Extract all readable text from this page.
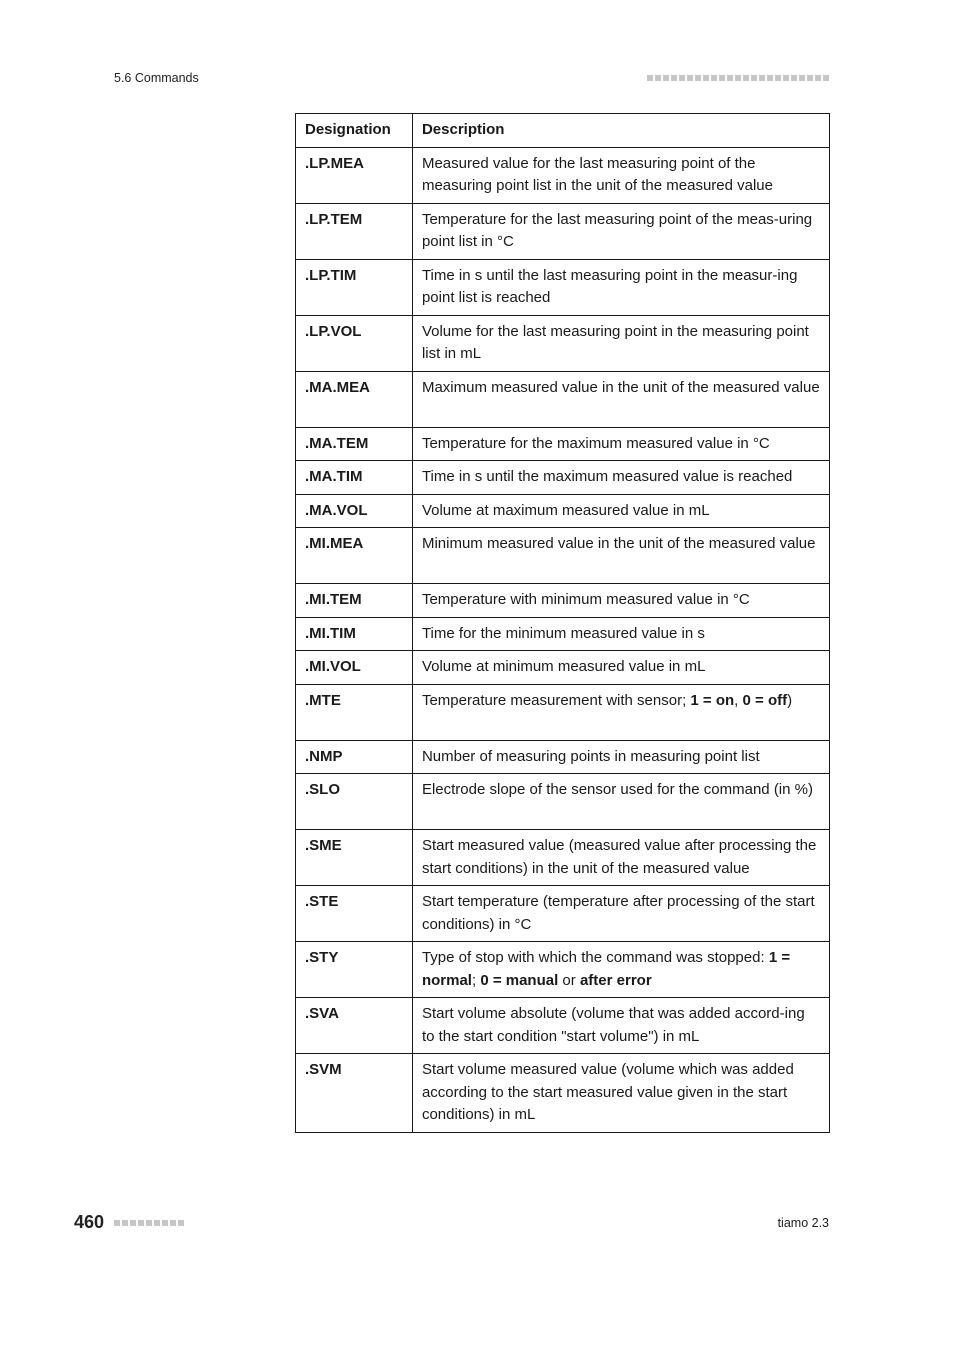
5.6 Commands
Designation	Description
.LP.MEA	Measured value for the last measuring point of the measuring point list in the unit of the measured value
.LP.TEM	Temperature for the last measuring point of the meas-uring point list in °C
.LP.TIM	Time in s until the last measuring point in the measur-ing point list is reached
.LP.VOL	Volume for the last measuring point in the measuring point list in mL
.MA.MEA	Maximum measured value in the unit of the measured value
.MA.TEM	Temperature for the maximum measured value in °C
.MA.TIM	Time in s until the maximum measured value is reached
.MA.VOL	Volume at maximum measured value in mL
.MI.MEA	Minimum measured value in the unit of the measured value
.MI.TEM	Temperature with minimum measured value in °C
.MI.TIM	Time for the minimum measured value in s
.MI.VOL	Volume at minimum measured value in mL
.MTE	Temperature measurement with sensor; 1 = on, 0 = off)
.NMP	Number of measuring points in measuring point list
.SLO	Electrode slope of the sensor used for the command (in %)
.SME	Start measured value (measured value after processing the start conditions) in the unit of the measured value
.STE	Start temperature (temperature after processing of the start conditions) in °C
.STY	Type of stop with which the command was stopped: 1 = normal; 0 = manual or after error
.SVA	Start volume absolute (volume that was added accord-ing to the start condition "start volume") in mL
.SVM	Start volume measured value (volume which was added according to the start measured value given in the start conditions) in mL
460	tiamo 2.3
